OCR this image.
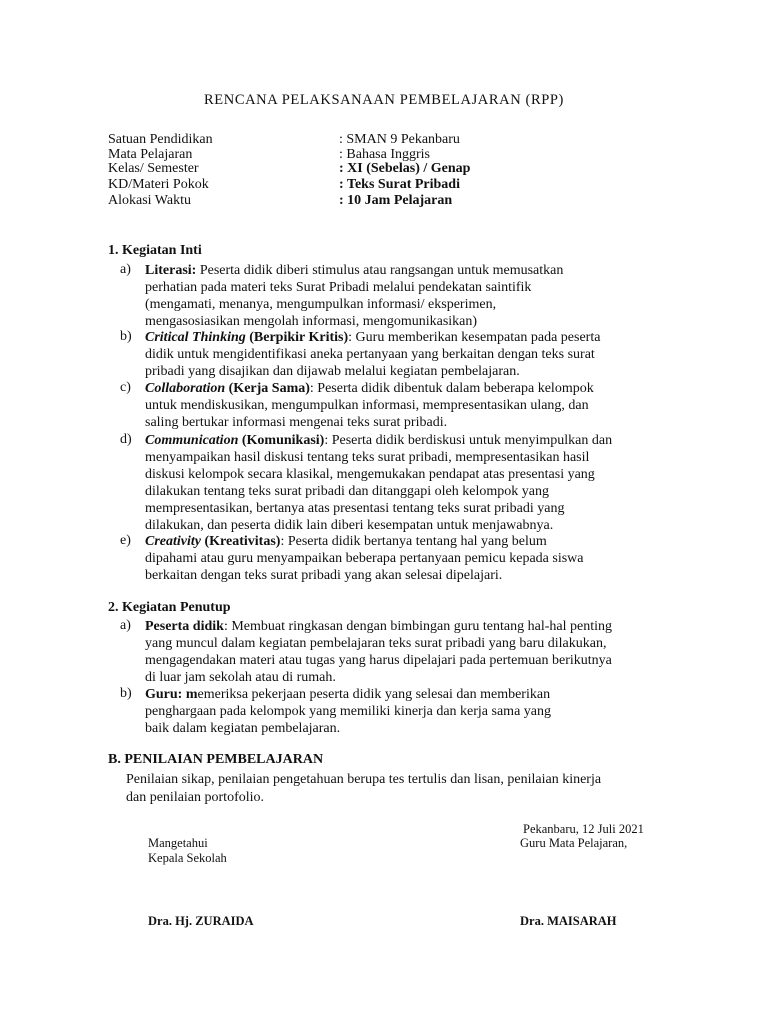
RENCANA PELAKSANAAN PEMBELAJARAN (RPP)
Satuan Pendidikan	: SMAN 9 Pekanbaru
Mata Pelajaran	: Bahasa Inggris
Kelas/ Semester	: XI (Sebelas) / Genap
KD/Materi Pokok	: Teks Surat Pribadi
Alokasi Waktu	: 10 Jam Pelajaran
1. Kegiatan Inti
a) Literasi: Peserta didik diberi stimulus atau rangsangan untuk memusatkan
perhatian pada materi teks Surat Pribadi melalui pendekatan saintifik
(mengamati, menanya, mengumpulkan informasi/ eksperimen,
mengasosiasikan mengolah informasi, mengomunikasikan)
b) Critical Thinking (Berpikir Kritis): Guru memberikan kesempatan pada peserta
didik untuk mengidentifikasi aneka pertanyaan yang berkaitan dengan teks surat
pribadi yang disajikan dan dijawab melalui kegiatan pembelajaran.
c) Collaboration (Kerja Sama): Peserta didik dibentuk dalam beberapa kelompok
untuk mendiskusikan, mengumpulkan informasi, mempresentasikan ulang, dan
saling bertukar informasi mengenai teks surat pribadi.
d) Communication (Komunikasi): Peserta didik berdiskusi untuk menyimpulkan dan
menyampaikan hasil diskusi tentang teks surat pribadi, mempresentasikan hasil
diskusi kelompok secara klasikal, mengemukakan pendapat atas presentasi yang
dilakukan tentang teks surat pribadi dan ditanggapi oleh kelompok yang
mempresentasikan, bertanya atas presentasi tentang teks surat pribadi yang
dilakukan, dan peserta didik lain diberi kesempatan untuk menjawabnya.
e) Creativity (Kreativitas): Peserta didik bertanya tentang hal yang belum
dipahami atau guru menyampaikan beberapa pertanyaan pemicu kepada siswa
berkaitan dengan teks surat pribadi yang akan selesai dipelajari.
2. Kegiatan Penutup
a) Peserta didik: Membuat ringkasan dengan bimbingan guru tentang hal-hal penting
yang muncul dalam kegiatan pembelajaran teks surat pribadi yang baru dilakukan,
mengagendakan materi atau tugas yang harus dipelajari pada pertemuan berikutnya
di luar jam sekolah atau di rumah.
b) Guru: memeriksa pekerjaan peserta didik yang selesai dan memberikan
penghargaan pada kelompok yang memiliki kinerja dan kerja sama yang
baik dalam kegiatan pembelajaran.
B. PENILAIAN PEMBELAJARAN
Penilaian sikap, penilaian pengetahuan berupa tes tertulis dan lisan, penilaian kinerja
dan penilaian portofolio.
Pekanbaru, 12 Juli 2021
Mangetahui
Kepala Sekolah
Guru Mata Pelajaran,
Dra. Hj. ZURAIDA	Dra. MAISARAH
